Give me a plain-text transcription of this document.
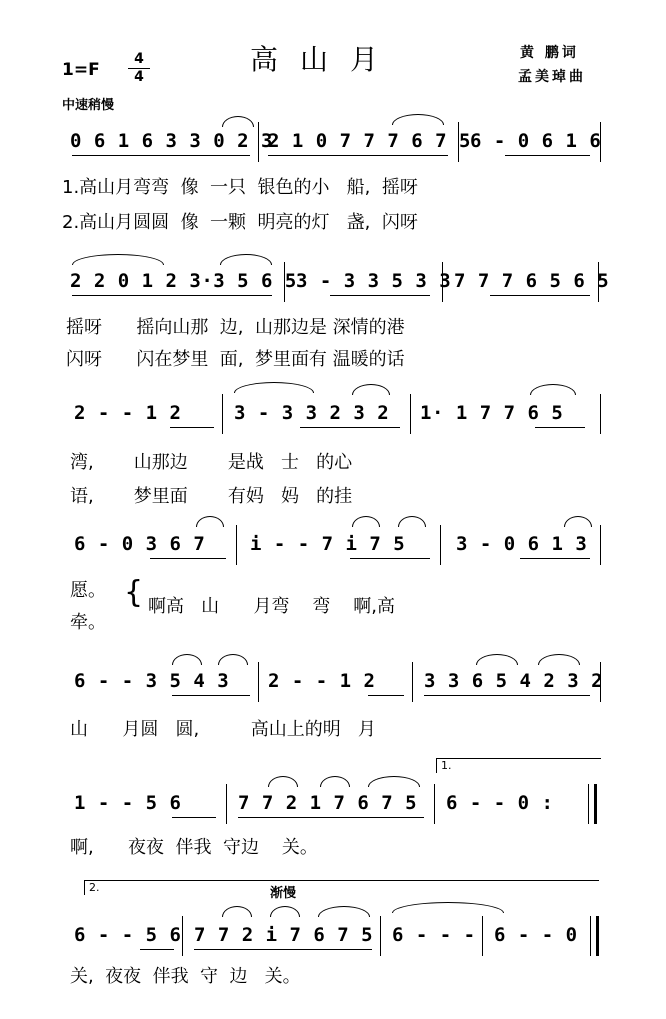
高山月
1=F
4
4
黄 鹏词
孟美琸曲
中速稍慢
0 6 1 6 3 3 0 2 3
2 1 0 7 7 7 6 7 5 6 - 0 6 1 6
1.高山月弯弯  像  一只  银色的小   船,  摇呀
2.高山月圆圆  像  一颗  明亮的灯   盏,  闪呀
2 2 0 1 2 3·3 5 6 5 3 - 3 3 5 3 3 7 7 7 6 5 6 5
摇呀      摇向山那  边,  山那边是 深情的港
闪呀      闪在梦里  面,  梦里面有 温暖的话
2 - - 1 2	3 - 3 3 2 3 2 1· 1 7 7 6 5
湾,       山那边       是战   士   的心
语,       梦里面       有妈   妈   的挂
6 - 0 3 6 7 i - - 7 i 7 5	3 - 0 6 1 3
愿。
牵。
{ 啊高   山      月弯    弯    啊,高
6 - - 3 5 4 3 2 - - 1 2	3 3 6 5 4 2 3 2
山      月圆   圆,         高山上的明   月
1.
1 - - 5 6	7 7 2 1 7 6 7 5 6 - - 0 :
啊,      夜夜  伴我  守边    关。
2.	渐慢
6 - - 5 6 7 7 2 i 7 6 7 5 6 - - - 6 - - 0
关,  夜夜  伴我  守  边   关。
